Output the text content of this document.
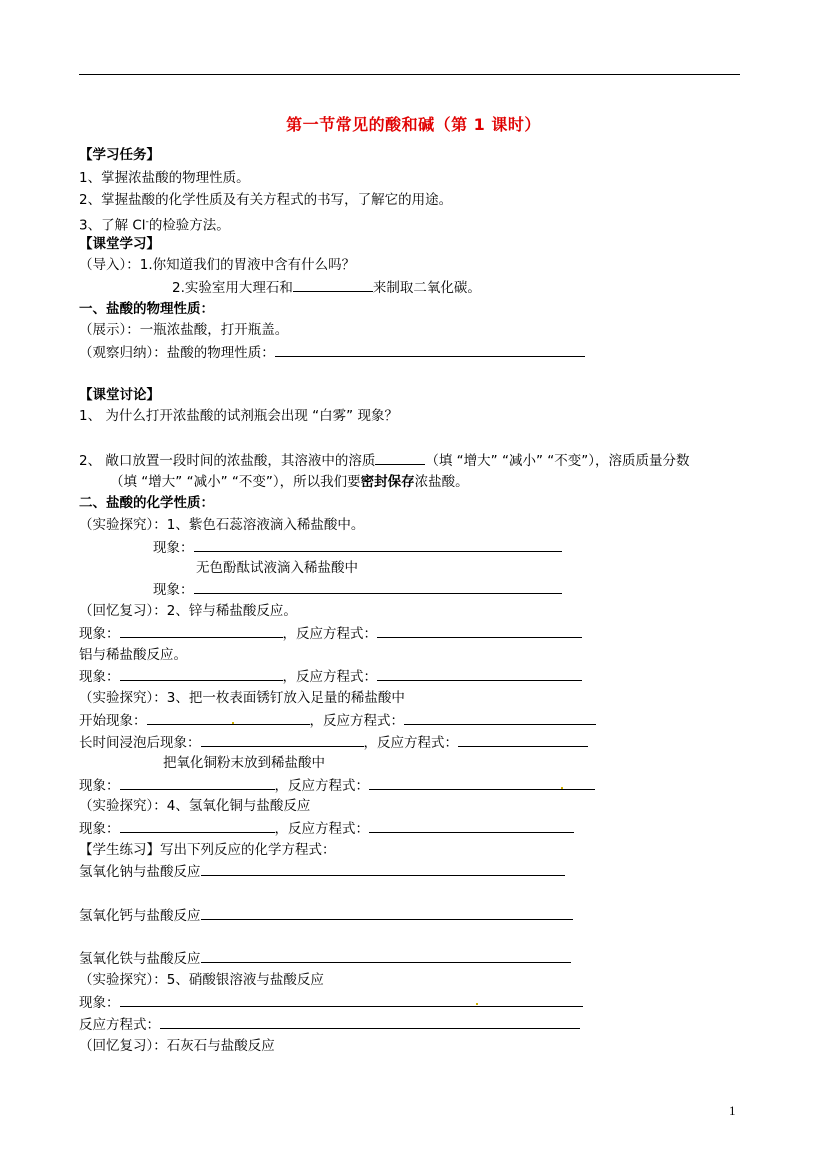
第一节常见的酸和碱（第 1 课时）
【学习任务】
1、掌握浓盐酸的物理性质。
2、掌握盐酸的化学性质及有关方程式的书写，了解它的用途。
3、了解 Cl-的检验方法。
【课堂学习】
（导入）：1.你知道我们的胃液中含有什么吗？
2.实验室用大理石和	来制取二氧化碳。
一、盐酸的物理性质：
（展示）：一瓶浓盐酸，打开瓶盖。
（观察归纳）：盐酸的物理性质：
【课堂讨论】
1、 为什么打开浓盐酸的试剂瓶会出现 “白雾” 现象？
2、 敞口放置一段时间的浓盐酸，其溶液中的溶质	（填 “增大” “减小” “不变”），溶质质量分数
（填 “增大” “减小” “不变”），所以我们要密封保存浓盐酸。
二、盐酸的化学性质：
（实验探究）：1、紫色石蕊溶液滴入稀盐酸中。
现象：
无色酚酞试液滴入稀盐酸中
现象：
（回忆复习）：2、锌与稀盐酸反应。
现象：	，反应方程式：
铝与稀盐酸反应。
现象：	，反应方程式：
（实验探究）：3、把一枚表面锈钉放入足量的稀盐酸中
开始现象：	，反应方程式：
长时间浸泡后现象：	，反应方程式：
把氧化铜粉末放到稀盐酸中
现象：	，反应方程式：
（实验探究）：4、氢氧化铜与盐酸反应
现象：	，反应方程式：
【学生练习】写出下列反应的化学方程式：
氢氧化钠与盐酸反应
氢氧化钙与盐酸反应
氢氧化铁与盐酸反应
（实验探究）：5、硝酸银溶液与盐酸反应
现象：
反应方程式：
（回忆复习）：石灰石与盐酸反应
1
